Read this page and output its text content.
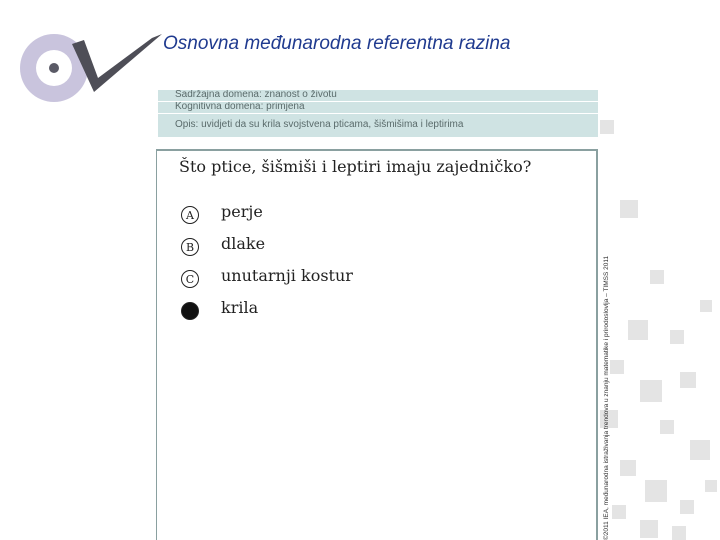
Osnovna međunarodna referentna razina
Sadržajna domena: znanost o životu
Kognitivna domena: primjena
Opis: uvidjeti da su krila svojstvena pticama, šišmišima i leptirima
Što ptice, šišmiši i leptiri imaju zajedničko?
A	perje
B	dlake
C unutarnji kostur
D krila	©2011 IEA, međunarodna istraživanja trendova u znanju matematike i prirodoslovlja – TIMSS 2011
